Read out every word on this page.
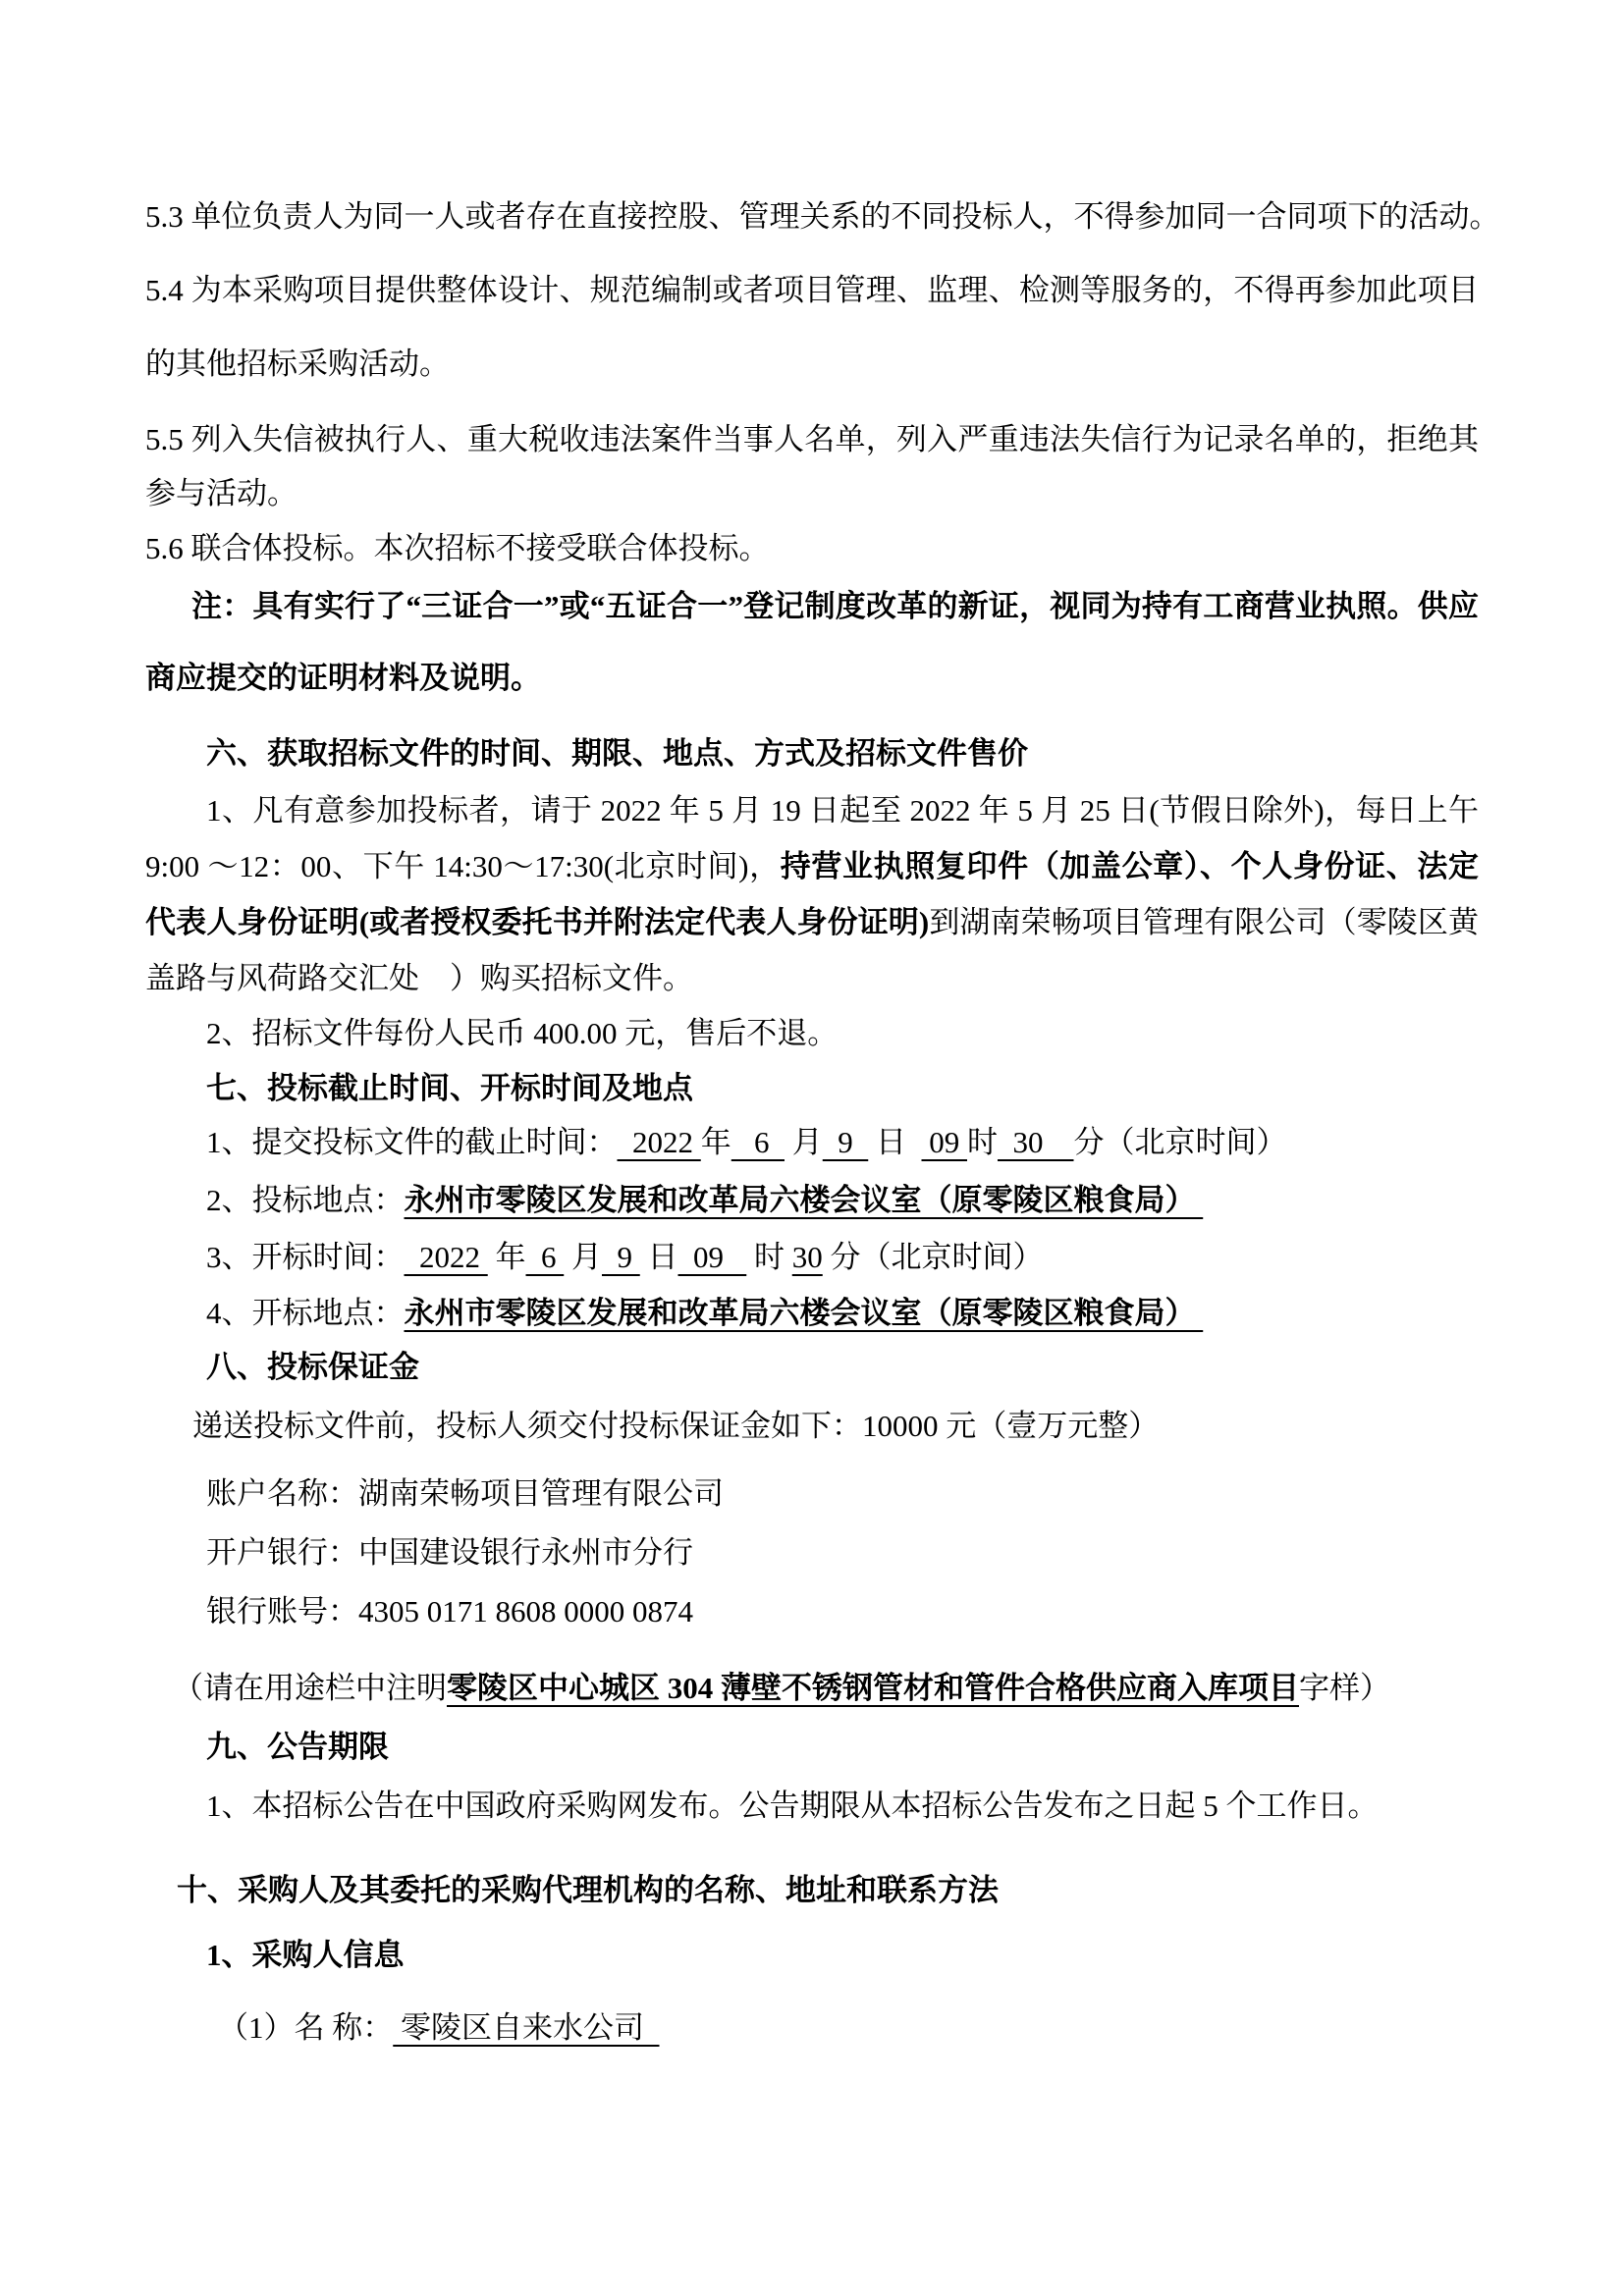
5.3 单位负责人为同一人或者存在直接控股、管理关系的不同投标人，不得参加同一合同项下的活动。

5.4 为本采购项目提供整体设计、规范编制或者项目管理、监理、检测等服务的，不得再参加此项目的其他招标采购活动。

5.5 列入失信被执行人、重大税收违法案件当事人名单，列入严重违法失信行为记录名单的，拒绝其参与活动。

5.6 联合体投标。本次招标不接受联合体投标。

注：具有实行了“三证合一”或“五证合一”登记制度改革的新证，视同为持有工商营业执照。供应商应提交的证明材料及说明。

六、获取招标文件的时间、期限、地点、方式及招标文件售价

1、凡有意参加投标者，请于 2022 年 5 月 19 日起至 2022 年 5 月 25 日(节假日除外)，每日上午 9:00 ～12：00、下午 14:30～17:30(北京时间)，持营业执照复印件（加盖公章）、个人身份证、法定代表人身份证明(或者授权委托书并附法定代表人身份证明)到湖南荣畅项目管理有限公司（零陵区黄盖路与风荷路交汇处　）购买招标文件。

2、招标文件每份人民币 400.00 元，售后不退。

七、投标截止时间、开标时间及地点

1、提交投标文件的截止时间：  2022 年   6   月  9   日   09 时  30    分（北京时间）

2、投标地点：永州市零陵区发展和改革局六楼会议室（原零陵区粮食局）

3、开标时间：  2022  年  6  月  9  日  09    时 30 分（北京时间）

4、开标地点：永州市零陵区发展和改革局六楼会议室（原零陵区粮食局）

八、投标保证金

递送投标文件前，投标人须交付投标保证金如下：10000 元（壹万元整）

账户名称：湖南荣畅项目管理有限公司

开户银行：中国建设银行永州市分行

银行账号：4305 0171 8608 0000 0874

（请在用途栏中注明零陵区中心城区 304 薄壁不锈钢管材和管件合格供应商入库项目字样）

九、公告期限

1、本招标公告在中国政府采购网发布。公告期限从本招标公告发布之日起 5 个工作日。

十、采购人及其委托的采购代理机构的名称、地址和联系方法

1、采购人信息

（1）名 称： 零陵区自来水公司
